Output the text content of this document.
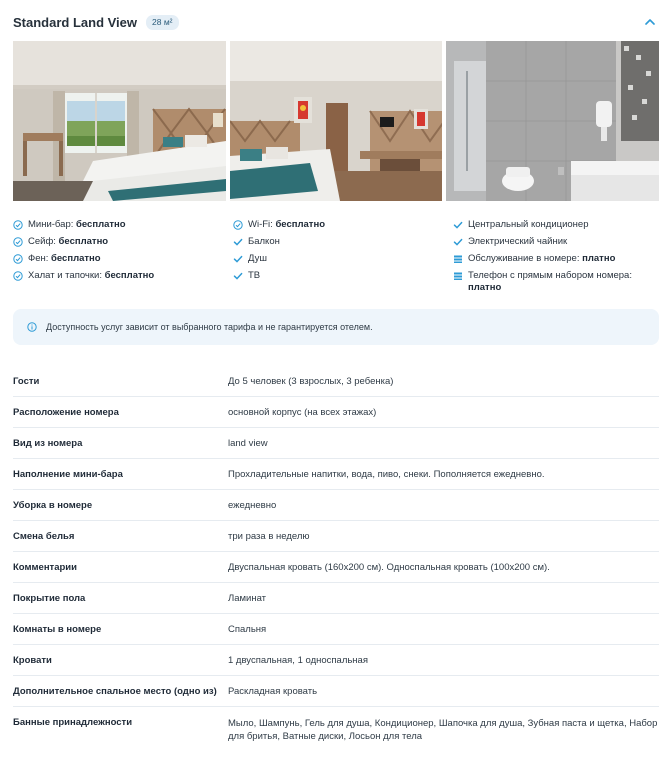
Standard Land View	28 м²
Мини-бар: бесплатно
Сейф: бесплатно
Фен: бесплатно
Халат и тапочки: бесплатно
Wi-Fi: бесплатно
Балкон
Душ
ТВ
Центральный кондиционер
Электрический чайник
Обслуживание в номере: платно
Телефон с прямым набором номера: платно
Доступность услуг зависит от выбранного тарифа и не гарантируется отелем.
Гости	До 5 человек (3 взрослых, 3 ребенка)
Расположение номера	основной корпус (на всех этажах)
Вид из номера	land view
Наполнение мини-бара	Прохладительные напитки, вода, пиво, снеки. Пополняется ежедневно.
Уборка в номере	ежедневно
Смена белья	три раза в неделю
Комментарии	Двуспальная кровать (160x200 см). Односпальная кровать (100x200 см).
Покрытие пола	Ламинат
Комнаты в номере	Спальня
Кровати	1 двуспальная, 1 односпальная
Дополнительное спальное место (одно из)	Раскладная кровать
Банные принадлежности	Мыло, Шампунь, Гель для душа, Кондиционер, Шапочка для душа, Зубная паста и щетка, Набор для бритья, Ватные диски, Лосьон для тела
